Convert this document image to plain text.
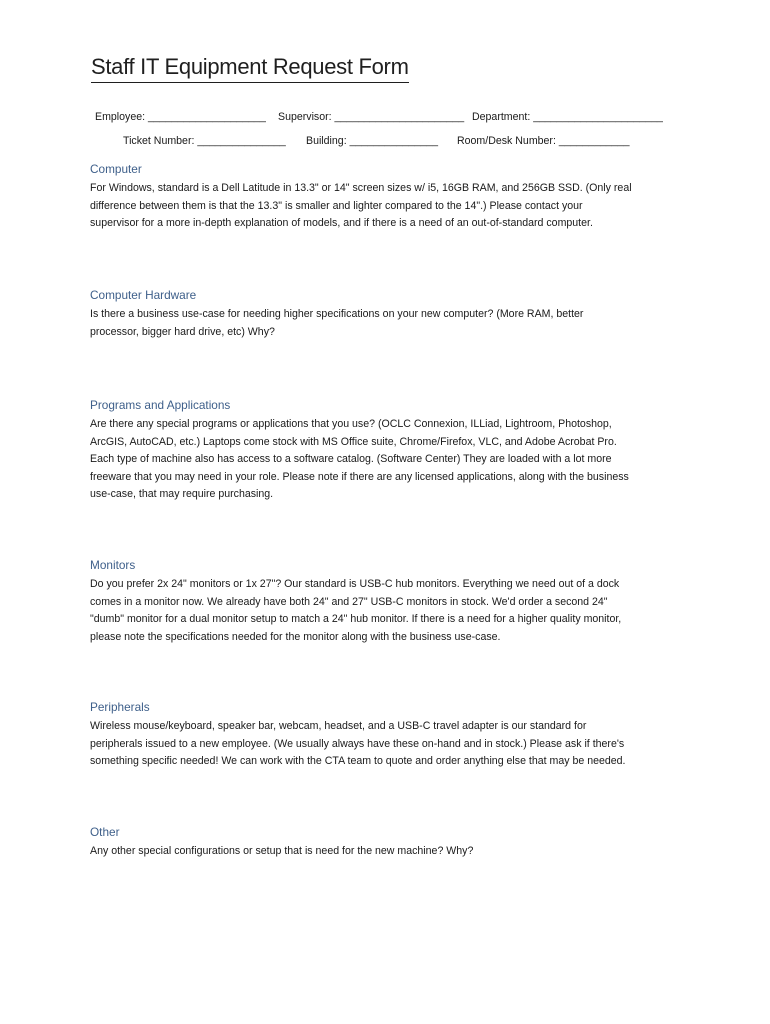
Staff IT Equipment Request Form
Employee: ____________________ Supervisor: ______________________ Department: ______________________
Ticket Number: _______________ Building: _______________ Room/Desk Number: ____________
Computer
For Windows, standard is a Dell Latitude in 13.3" or 14" screen sizes w/ i5, 16GB RAM, and 256GB SSD. (Only real
difference between them is that the 13.3" is smaller and lighter compared to the 14".) Please contact your
supervisor for a more in-depth explanation of models, and if there is a need of an out-of-standard computer.
Computer Hardware
Is there a business use-case for needing higher specifications on your new computer? (More RAM, better
processor, bigger hard drive, etc) Why?
Programs and Applications
Are there any special programs or applications that you use? (OCLC Connexion, ILLiad, Lightroom, Photoshop,
ArcGIS, AutoCAD, etc.) Laptops come stock with MS Office suite, Chrome/Firefox, VLC, and Adobe Acrobat Pro.
Each type of machine also has access to a software catalog. (Software Center) They are loaded with a lot more
freeware that you may need in your role. Please note if there are any licensed applications, along with the business
use-case, that may require purchasing.
Monitors
Do you prefer 2x 24" monitors or 1x 27"? Our standard is USB-C hub monitors. Everything we need out of a dock
comes in a monitor now. We already have both 24" and 27" USB-C monitors in stock. We'd order a second 24"
"dumb" monitor for a dual monitor setup to match a 24" hub monitor. If there is a need for a higher quality monitor,
please note the specifications needed for the monitor along with the business use-case.
Peripherals
Wireless mouse/keyboard, speaker bar, webcam, headset, and a USB-C travel adapter is our standard for
peripherals issued to a new employee. (We usually always have these on-hand and in stock.) Please ask if there's
something specific needed! We can work with the CTA team to quote and order anything else that may be needed.
Other
Any other special configurations or setup that is need for the new machine? Why?
